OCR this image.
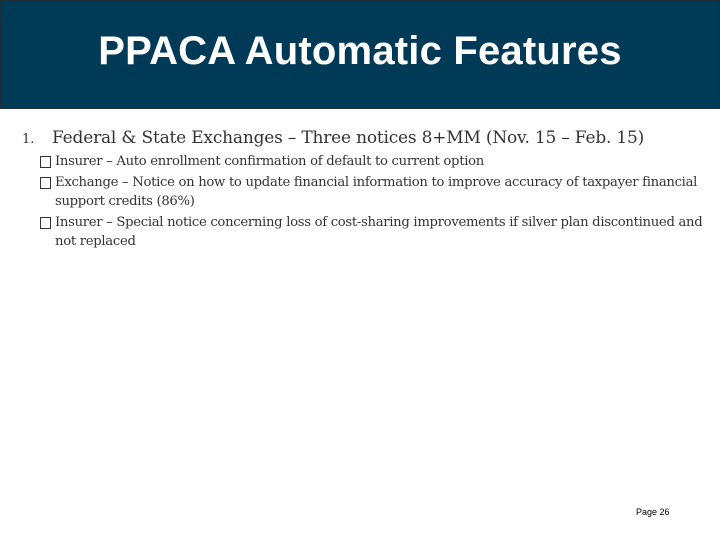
PPACA Automatic Features
1.	Federal & State Exchanges – Three notices 8+MM (Nov. 15 – Feb. 15)
Insurer – Auto enrollment confirmation of default to current option
Exchange – Notice on how to update financial information to improve accuracy of taxpayer financial support credits (86%)
Insurer – Special notice concerning loss of cost-sharing improvements if silver plan discontinued and not replaced
Page 26
